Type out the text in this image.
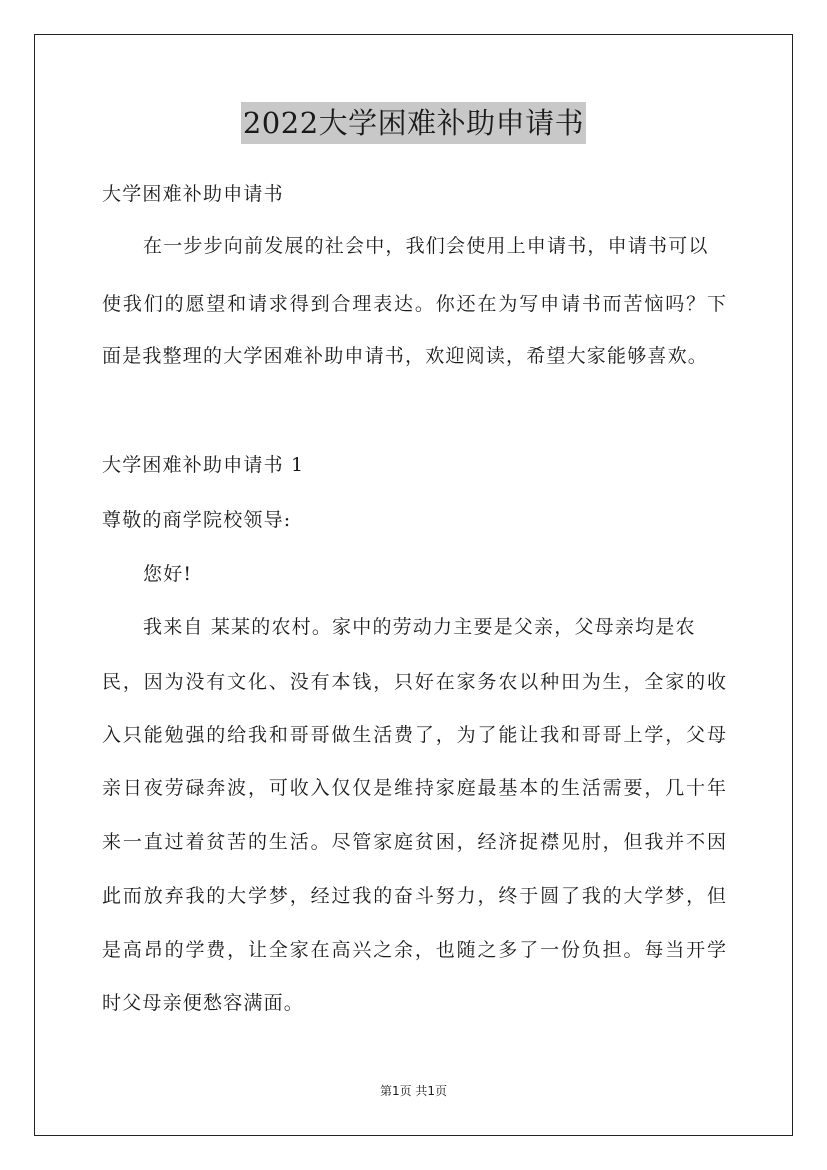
2022大学困难补助申请书
大学困难补助申请书
在一步步向前发展的社会中，我们会使用上申请书，申请书可以
使我们的愿望和请求得到合理表达。你还在为写申请书而苦恼吗？下
面是我整理的大学困难补助申请书，欢迎阅读，希望大家能够喜欢。
大学困难补助申请书 1
尊敬的商学院校领导:
您好!
我来自 某某的农村。家中的劳动力主要是父亲，父母亲均是农
民，因为没有文化、没有本钱，只好在家务农以种田为生，全家的收
入只能勉强的给我和哥哥做生活费了，为了能让我和哥哥上学，父母
亲日夜劳碌奔波，可收入仅仅是维持家庭最基本的生活需要，几十年
来一直过着贫苦的生活。尽管家庭贫困，经济捉襟见肘，但我并不因
此而放弃我的大学梦，经过我的奋斗努力，终于圆了我的大学梦，但
是高昂的学费，让全家在高兴之余，也随之多了一份负担。每当开学
时父母亲便愁容满面。
第1页 共1页
